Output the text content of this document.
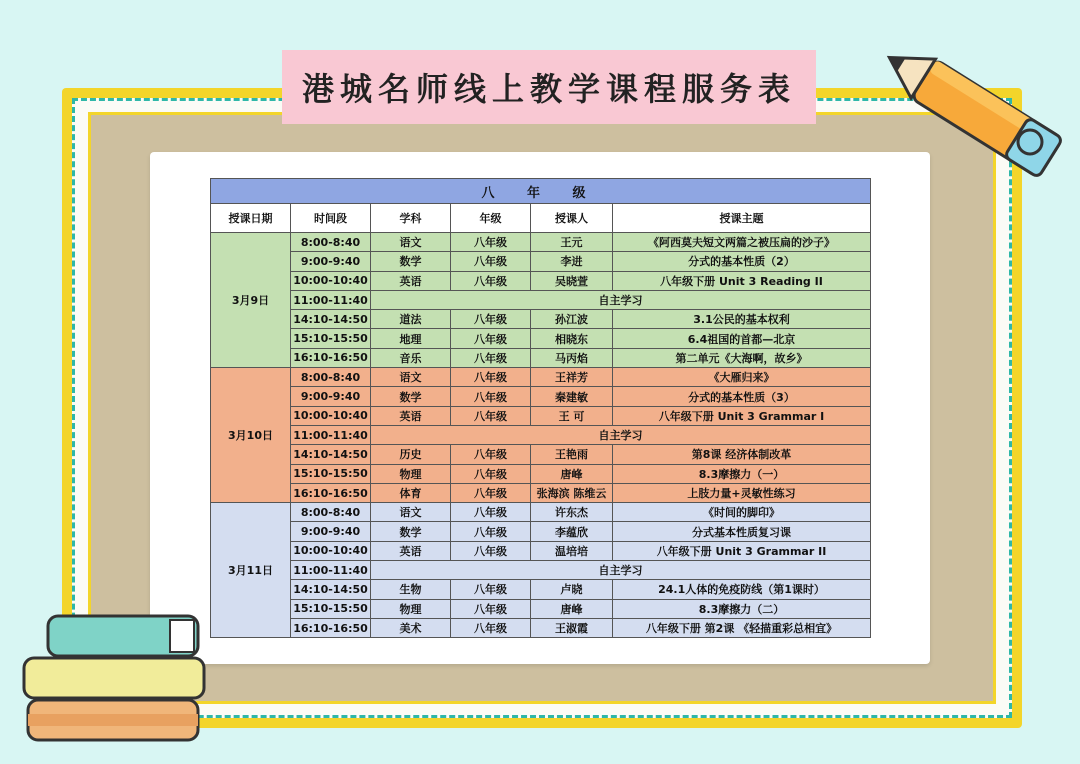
港城名师线上教学课程服务表
八 年 级					
授课日期	时间段	学科	年级	授课人	授课主题
3月9日	8:00-8:40	语文	八年级	王元	《阿西莫夫短文两篇之被压扁的沙子》
	9:00-9:40	数学	八年级	李进	分式的基本性质（2）
	10:00-10:40	英语	八年级	吴晓萱	八年级下册 Unit 3 Reading II
	11:00-11:40	自主学习			
	14:10-14:50	道法	八年级	孙江波	3.1公民的基本权利
	15:10-15:50	地理	八年级	相晓东	6.4祖国的首都—北京
	16:10-16:50	音乐	八年级	马丙焰	第二单元《大海啊，故乡》
3月10日	8:00-8:40	语文	八年级	王祥芳	《大雁归来》
	9:00-9:40	数学	八年级	秦建敏	分式的基本性质（3）
	10:00-10:40	英语	八年级	王 可	八年级下册 Unit 3 Grammar I
	11:00-11:40	自主学习			
	14:10-14:50	历史	八年级	王艳雨	第8课 经济体制改革
	15:10-15:50	物理	八年级	唐峰	8.3摩擦力（一）
	16:10-16:50	体育	八年级	张海滨 陈维云	上肢力量+灵敏性练习
3月11日	8:00-8:40	语文	八年级	许东杰	《时间的脚印》
	9:00-9:40	数学	八年级	李蕴欣	分式基本性质复习课
	10:00-10:40	英语	八年级	温培培	八年级下册 Unit 3 Grammar II
	11:00-11:40	自主学习			
	14:10-14:50	生物	八年级	卢晓	24.1人体的免疫防线（第1课时）
	15:10-15:50	物理	八年级	唐峰	8.3摩擦力（二）
	16:10-16:50	美术	八年级	王淑霞	八年级下册 第2课 《轻描重彩总相宜》
